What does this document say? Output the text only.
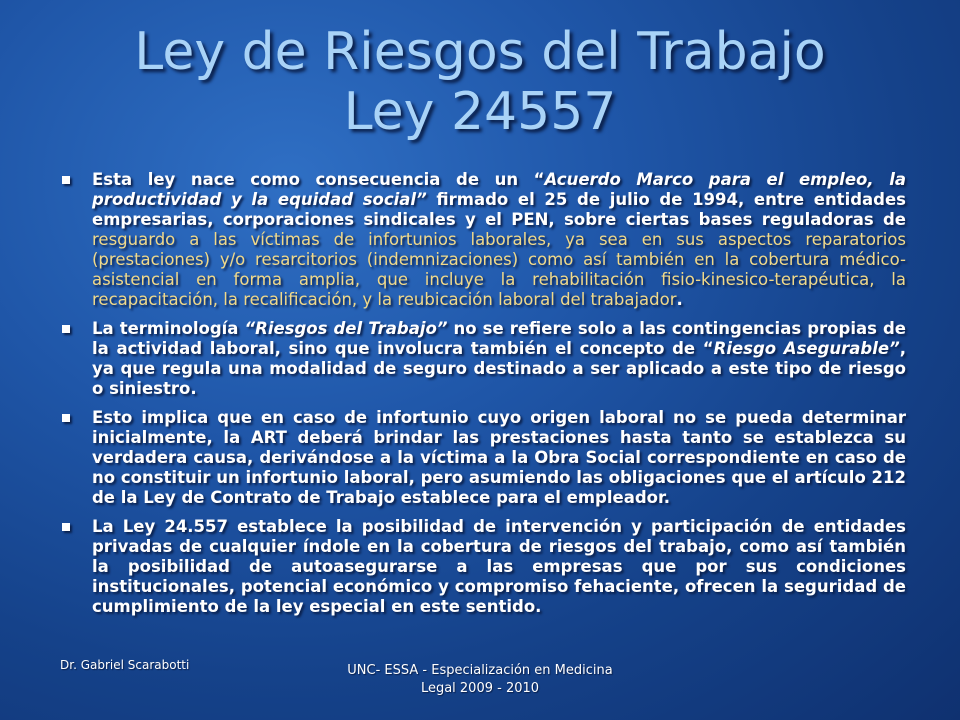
Ley de Riesgos del Trabajo
Ley 24557
Esta ley nace como consecuencia de un “Acuerdo Marco para el empleo, la productividad y la equidad social” firmado el 25 de julio de 1994, entre entidades empresarias, corporaciones sindicales y el PEN, sobre ciertas bases reguladoras de resguardo a las víctimas de infortunios laborales, ya sea en sus aspectos reparatorios (prestaciones) y/o resarcitorios (indemnizaciones) como así también en la cobertura médico-asistencial en forma amplia, que incluye la rehabilitación fisio-kinesico-terapéutica, la recapacitación, la recalificación, y la reubicación laboral del trabajador.
La terminología “Riesgos del Trabajo” no se refiere solo a las contingencias propias de la actividad laboral, sino que involucra también el concepto de “Riesgo Asegurable”, ya que regula una modalidad de seguro destinado a ser aplicado a este tipo de riesgo o siniestro.
Esto implica que en caso de infortunio cuyo origen laboral no se pueda determinar inicialmente, la ART deberá brindar las prestaciones hasta tanto se establezca su verdadera causa, derivándose a la víctima a la Obra Social correspondiente en caso de no constituir un infortunio laboral, pero asumiendo las obligaciones que el artículo 212 de la Ley de Contrato de Trabajo establece para el empleador.
La Ley 24.557 establece la posibilidad de intervención y participación de entidades privadas de cualquier índole en la cobertura de riesgos del trabajo, como así también la posibilidad de autoasegurarse a las empresas que por sus condiciones institucionales, potencial económico y compromiso fehaciente, ofrecen la seguridad de cumplimiento de la ley especial en este sentido.
Dr. Gabriel Scarabotti	UNC- ESSA - Especialización en Medicina
Legal 2009 - 2010
